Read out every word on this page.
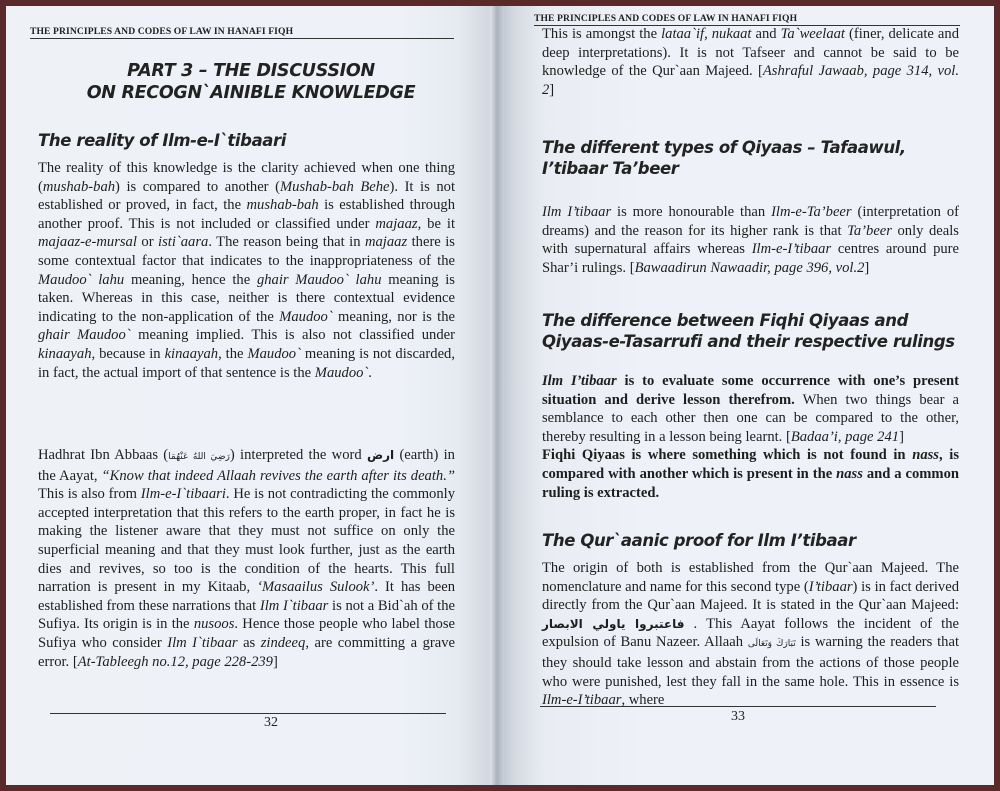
THE PRINCIPLES AND CODES OF LAW IN HANAFI FIQH
PART 3 – THE DISCUSSION
ON RECOGN`AINIBLE KNOWLEDGE
The reality of Ilm-e-I`tibaari

The reality of this knowledge is the clarity achieved when one thing (mushab-bah) is compared to another (Mushab-bah Behe). It is not established or proved, in fact, the mushab-bah is established through another proof. This is not included or classified under majaaz, be it majaaz-e-mursal or isti`aara. The reason being that in majaaz there is some contextual factor that indicates to the inappropriateness of the Maudoo` lahu meaning, hence the ghair Maudoo` lahu meaning is taken. Whereas in this case, neither is there contextual evidence indicating to the non-application of the Maudoo` meaning, nor is the ghair Maudoo` meaning implied. This is also not classified under kinaayah, because in kinaayah, the Maudoo` meaning is not discarded, in fact, the actual import of that sentence is the Maudoo`.

Hadhrat Ibn Abbaas (رَضِيَ اللهُ عَنْهُمَا) interpreted the word ارض (earth) in the Aayat, “Know that indeed Allaah revives the earth after its death.” This is also from Ilm-e-I`tibaari. He is not contradicting the commonly accepted interpretation that this refers to the earth proper, in fact he is making the listener aware that they must not suffice on only the superficial meaning and that they must look further, just as the earth dies and revives, so too is the condition of the hearts. This full narration is present in my Kitaab, ‘Masaailus Sulook’. It has been established from these narrations that Ilm I`tibaar is not a Bid`ah of the Sufiya. Its origin is in the nusoos. Hence those people who label those Sufiya who consider Ilm I`tibaar as zindeeq, are committing a grave error. [At-Tableegh no.12, page 228-239]

32
THE PRINCIPLES AND CODES OF LAW IN HANAFI FIQH

This is amongst the lataa`if, nukaat and Ta`weelaat (finer, delicate and deep interpretations). It is not Tafseer and cannot be said to be knowledge of the Qur`aan Majeed. [Ashraful Jawaab, page 314, vol. 2]

The different types of Qiyaas – Tafaawul, I’tibaar Ta’beer

Ilm I’tibaar is more honourable than Ilm-e-Ta’beer (interpretation of dreams) and the reason for its higher rank is that Ta’beer only deals with supernatural affairs whereas Ilm-e-I’tibaar centres around pure Shar’i rulings. [Bawaadirun Nawaadir, page 396, vol.2]

The difference between Fiqhi Qiyaas and Qiyaas-e-Tasarrufi and their respective rulings

Ilm I’tibaar is to evaluate some occurrence with one’s present situation and derive lesson therefrom. When two things bear a semblance to each other then one can be compared to the other, thereby resulting in a lesson being learnt. [Badaa’i, page 241]

Fiqhi Qiyaas is where something which is not found in nass, is compared with another which is present in the nass and a common ruling is extracted.

The Qur`aanic proof for Ilm I’tibaar

The origin of both is established from the Qur`aan Majeed. The nomenclature and name for this second type (I’tibaar) is in fact derived directly from the Qur`aan Majeed. It is stated in the Qur`aan Majeed: فاعتبروا ياولي الابصار . This Aayat follows the incident of the expulsion of Banu Nazeer. Allaah تَبَارَكَ وَتَعَالَى is warning the readers that they should take lesson and abstain from the actions of those people who were punished, lest they fall in the same hole. This in essence is Ilm-e-I’tibaar, where

33
